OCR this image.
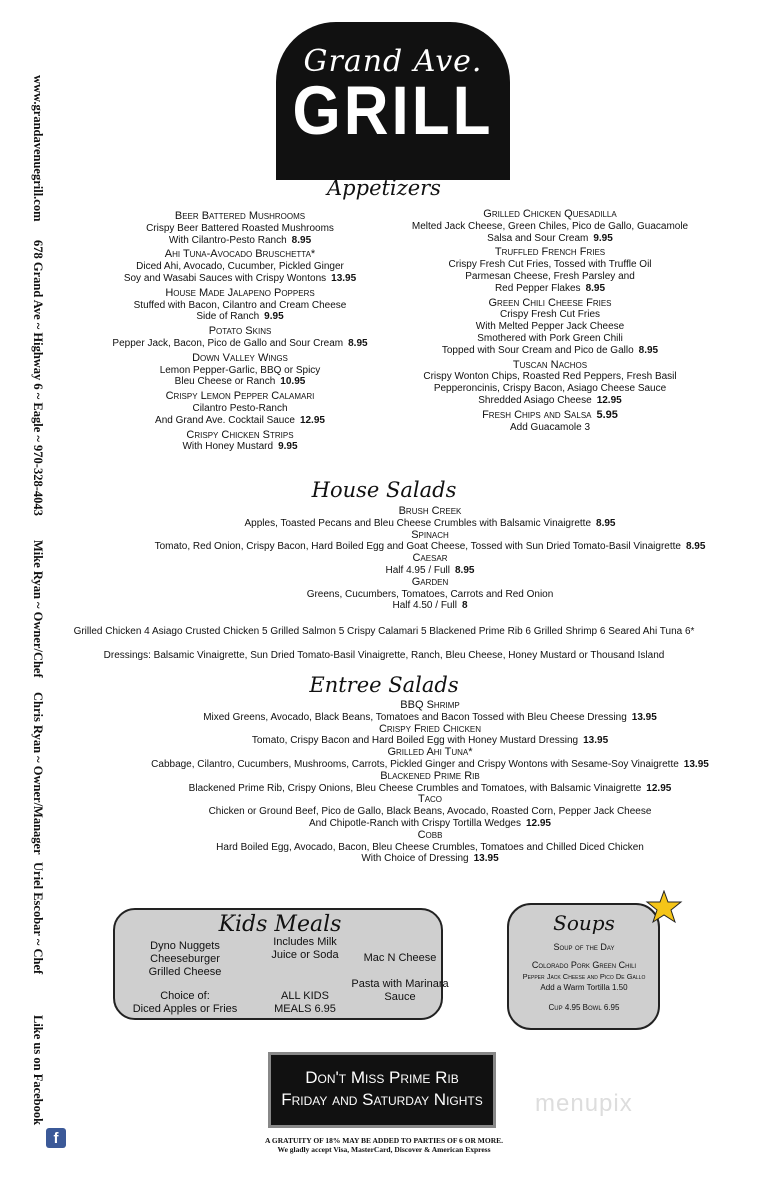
www.grandavenuegrill.com
678 Grand Ave ~ Highway 6 ~ Eagle ~ 970-328-4043
Mike Ryan ~ Owner/Chef
Chris Ryan ~ Owner/Manager
Uriel Escobar ~ Chef
Like us on Facebook
f
Grand Ave.
GRILL
Appetizers
Beer Battered Mushrooms
Crispy Beer Battered Roasted Mushrooms
With Cilantro-Pesto Ranch 8.95
Ahi Tuna-Avocado Bruschetta*
Diced Ahi, Avocado, Cucumber, Pickled Ginger
Soy and Wasabi Sauces with Crispy Wontons 13.95
House Made Jalapeno Poppers
Stuffed with Bacon, Cilantro and Cream Cheese
Side of Ranch 9.95
Potato Skins
Pepper Jack, Bacon, Pico de Gallo and Sour Cream 8.95
Down Valley Wings
Lemon Pepper-Garlic, BBQ or Spicy
Bleu Cheese or Ranch 10.95
Crispy Lemon Pepper Calamari
Cilantro Pesto-Ranch
And Grand Ave. Cocktail Sauce 12.95
Crispy Chicken Strips
With Honey Mustard 9.95
Grilled Chicken Quesadilla
Melted Jack Cheese, Green Chiles, Pico de Gallo, Guacamole
Salsa and Sour Cream 9.95
Truffled French Fries
Crispy Fresh Cut Fries, Tossed with Truffle Oil
Parmesan Cheese, Fresh Parsley and
Red Pepper Flakes 8.95
Green Chili Cheese Fries
Crispy Fresh Cut Fries
With Melted Pepper Jack Cheese
Smothered with Pork Green Chili
Topped with Sour Cream and Pico de Gallo 8.95
Tuscan Nachos
Crispy Wonton Chips, Roasted Red Peppers, Fresh Basil
Pepperoncinis, Crispy Bacon, Asiago Cheese Sauce
Shredded Asiago Cheese 12.95
Fresh Chips and Salsa 5.95
Add Guacamole 3
House Salads
Brush Creek
Apples, Toasted Pecans and Bleu Cheese Crumbles with Balsamic Vinaigrette 8.95
Spinach
Tomato, Red Onion, Crispy Bacon, Hard Boiled Egg and Goat Cheese, Tossed with Sun Dried Tomato-Basil Vinaigrette 8.95
Caesar
Half 4.95 / Full 8.95
Garden
Greens, Cucumbers, Tomatoes, Carrots and Red Onion
Half 4.50 / Full 8
Grilled Chicken 4 Asiago Crusted Chicken 5 Grilled Salmon 5 Crispy Calamari 5 Blackened Prime Rib 6 Grilled Shrimp 6 Seared Ahi Tuna 6*
Dressings: Balsamic Vinaigrette, Sun Dried Tomato-Basil Vinaigrette, Ranch, Bleu Cheese, Honey Mustard or Thousand Island
Entree Salads
BBQ Shrimp
Mixed Greens, Avocado, Black Beans, Tomatoes and Bacon Tossed with Bleu Cheese Dressing 13.95
Crispy Fried Chicken
Tomato, Crispy Bacon and Hard Boiled Egg with Honey Mustard Dressing 13.95
Grilled Ahi Tuna*
Cabbage, Cilantro, Cucumbers, Mushrooms, Carrots, Pickled Ginger and Crispy Wontons with Sesame-Soy Vinaigrette 13.95
Blackened Prime Rib
Blackened Prime Rib, Crispy Onions, Bleu Cheese Crumbles and Tomatoes, with Balsamic Vinaigrette 12.95
Taco
Chicken or Ground Beef, Pico de Gallo, Black Beans, Avocado, Roasted Corn, Pepper Jack Cheese
And Chipotle-Ranch with Crispy Tortilla Wedges 12.95
Cobb
Hard Boiled Egg, Avocado, Bacon, Bleu Cheese Crumbles, Tomatoes and Chilled Diced Chicken
With Choice of Dressing 13.95
Kids Meals
Dyno Nuggets
Cheeseburger
Grilled Cheese
Includes Milk
Juice or Soda	Mac N Cheese
Pasta with Marinara
Sauce
Choice of:
Diced Apples or Fries
ALL KIDS
MEALS 6.95
Soups
Soup of the Day
Colorado Pork Green Chili
Pepper Jack Cheese and Pico De Gallo
Add a Warm Tortilla 1.50
Cup 4.95 Bowl 6.95
Don't Miss Prime Rib
Friday and Saturday Nights	menupix
A GRATUITY OF 18% MAY BE ADDED TO PARTIES OF 6 OR MORE.
We gladly accept Visa, MasterCard, Discover & American Express
